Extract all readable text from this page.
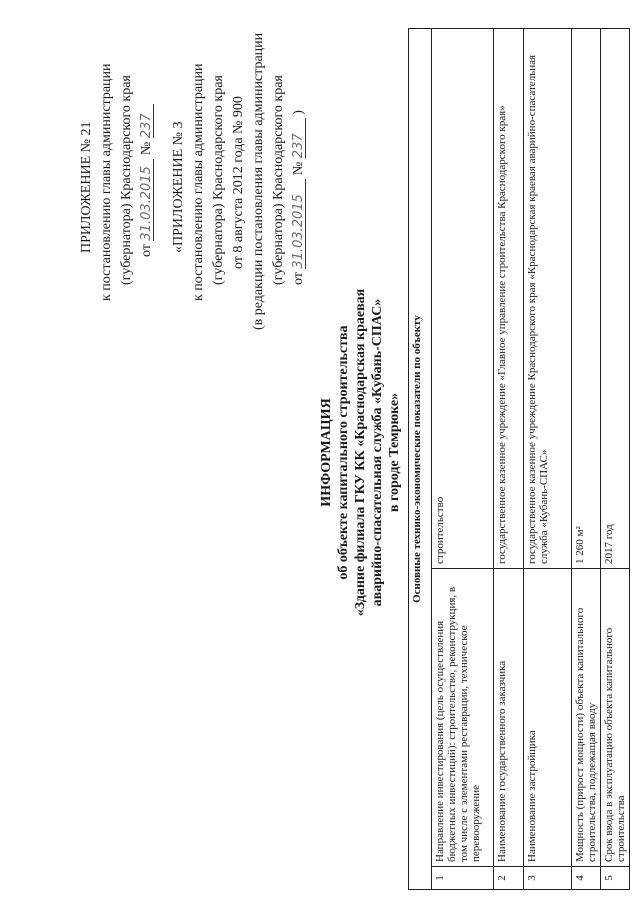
ПРИЛОЖЕНИЕ № 21 к постановлению главы администрации (губернатора) Краснодарского края от 31.03.2015 № 237 «ПРИЛОЖЕНИЕ № 3 к постановлению главы администрации (губернатора) Краснодарского края от 8 августа 2012 года № 900 (в редакции постановления главы администрации (губернатора) Краснодарского края от 31.03.2015 № 237 )
ИНФОРМАЦИЯ об объекте капитального строительства «Здание филиала ГКУ КК «Краснодарская краевая аварийно-спасательная служба «Кубань-СПАС» в городе Темрюке» Основные технико-экономические показатели по объекту		
1	Направление инвестирования (цель осуществления бюджетных инвестиций): строительство, реконструкция, в том числе с элементами реставрации, техническое перевооружение	строительство
2	Наименование государственного заказчика	государственное казенное учреждение «Главное управление строительства Краснодарского края»
3	Наименование застройщика	государственное казенное учреждение Краснодарского края «Краснодарская краевая аварийно-спасательная служба «Кубань-СПАС»
4	Мощность (прирост мощности) объекта капитального строительства, подлежащая вводу	1 260 м²
5	Срок ввода в эксплуатацию объекта капитального строительства	2017 год
